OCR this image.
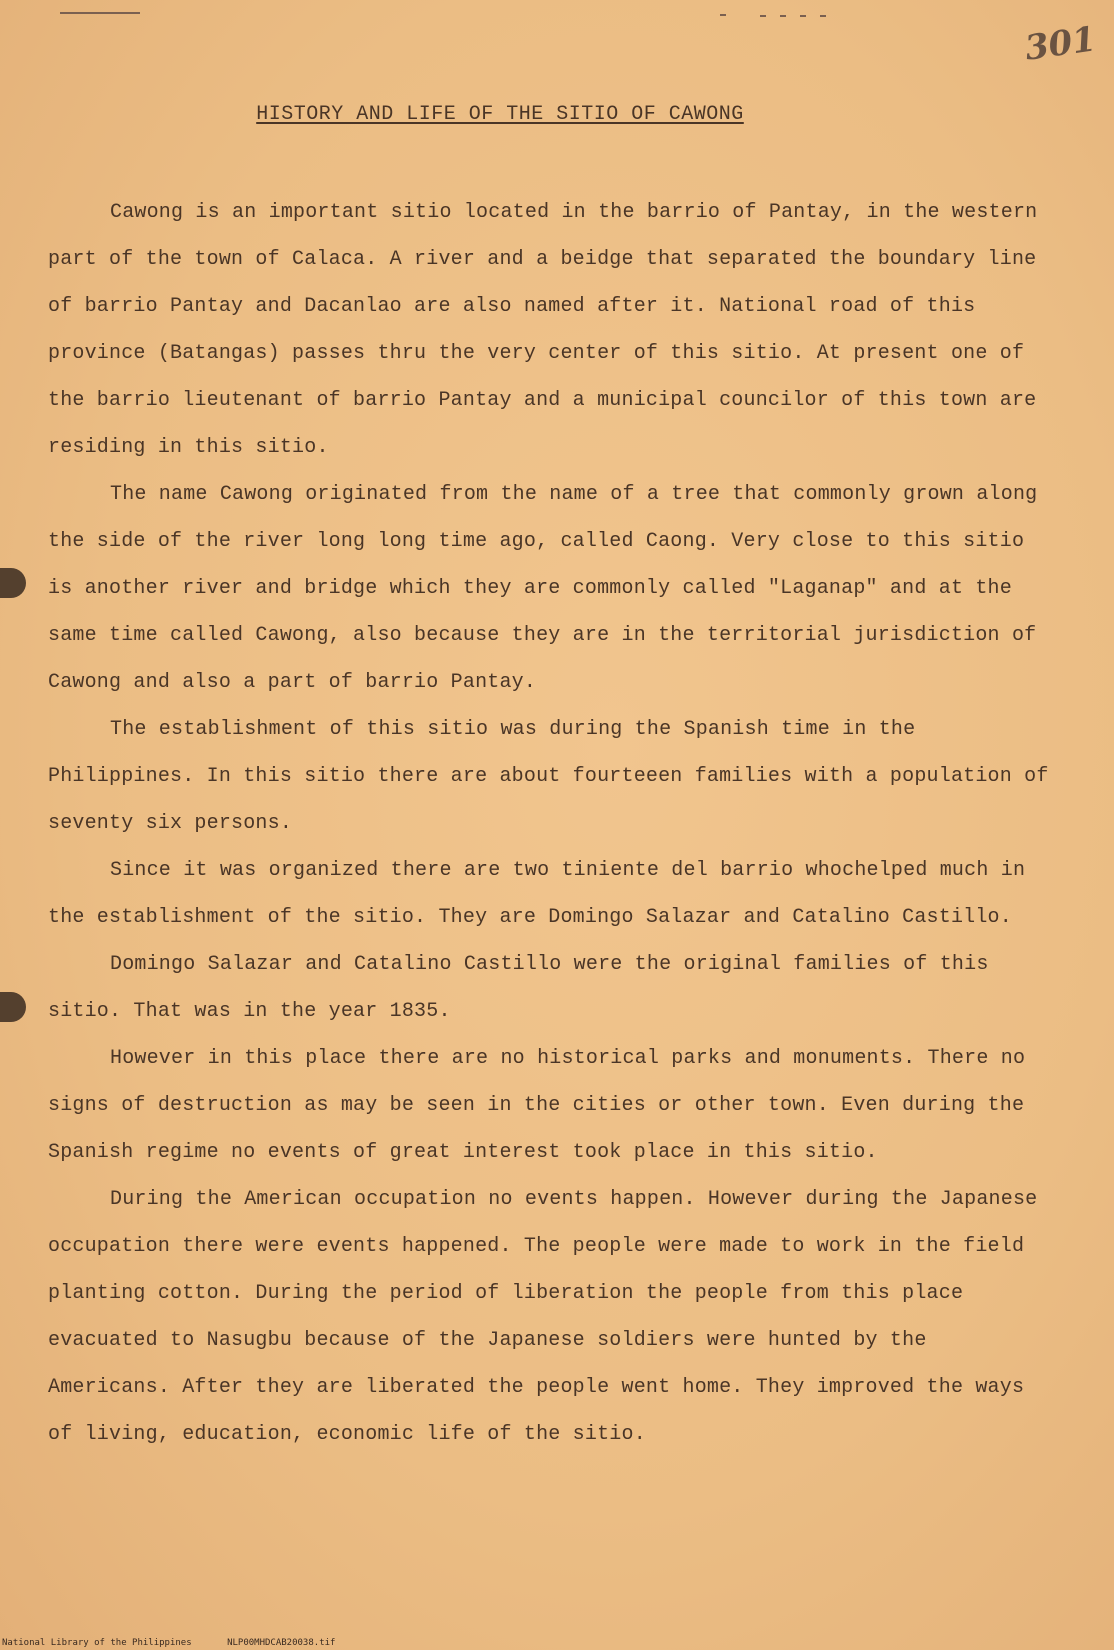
301
HISTORY AND LIFE OF THE SITIO OF CAWONG

Cawong is an important sitio located in the barrio of Pantay, in the western part of the town of Calaca. A river and a beidge that separated the boundary line of barrio Pantay and Dacanlao are also named after it. National road of this province (Batangas) passes thru the very center of this sitio. At present one of the barrio lieutenant of barrio Pantay and a municipal councilor of this town are residing in this sitio.

The name Cawong originated from the name of a tree that commonly grown along the side of the river long long time ago, called Caong. Very close to this sitio is another river and bridge which they are commonly called "Laganap" and at the same time called Cawong, also because they are in the territorial jurisdiction of Cawong and also a part of barrio Pantay.

The establishment of this sitio was during the Spanish time in the Philippines. In this sitio there are about fourteeen families with a population of seventy six persons.

Since it was organized there are two tiniente del barrio whochelped much in the establishment of the sitio. They are Domingo Salazar and Catalino Castillo.

Domingo Salazar and Catalino Castillo were the original families of this sitio. That was in the year 1835.

However in this place there are no historical parks and monuments. There no signs of destruction as may be seen in the cities or other town. Even during the Spanish regime no events of great interest took place in this sitio.

During the American occupation no events happen. However during the Japanese occupation there were events happened. The people were made to work in the field planting cotton. During the period of liberation the people from this place evacuated to Nasugbu because of the Japanese soldiers were hunted by the Americans. After they are liberated the people went home. They improved the ways of living, education, economic life of the sitio.

National Library of the Philippines	NLP00MHDCAB20038.tif
